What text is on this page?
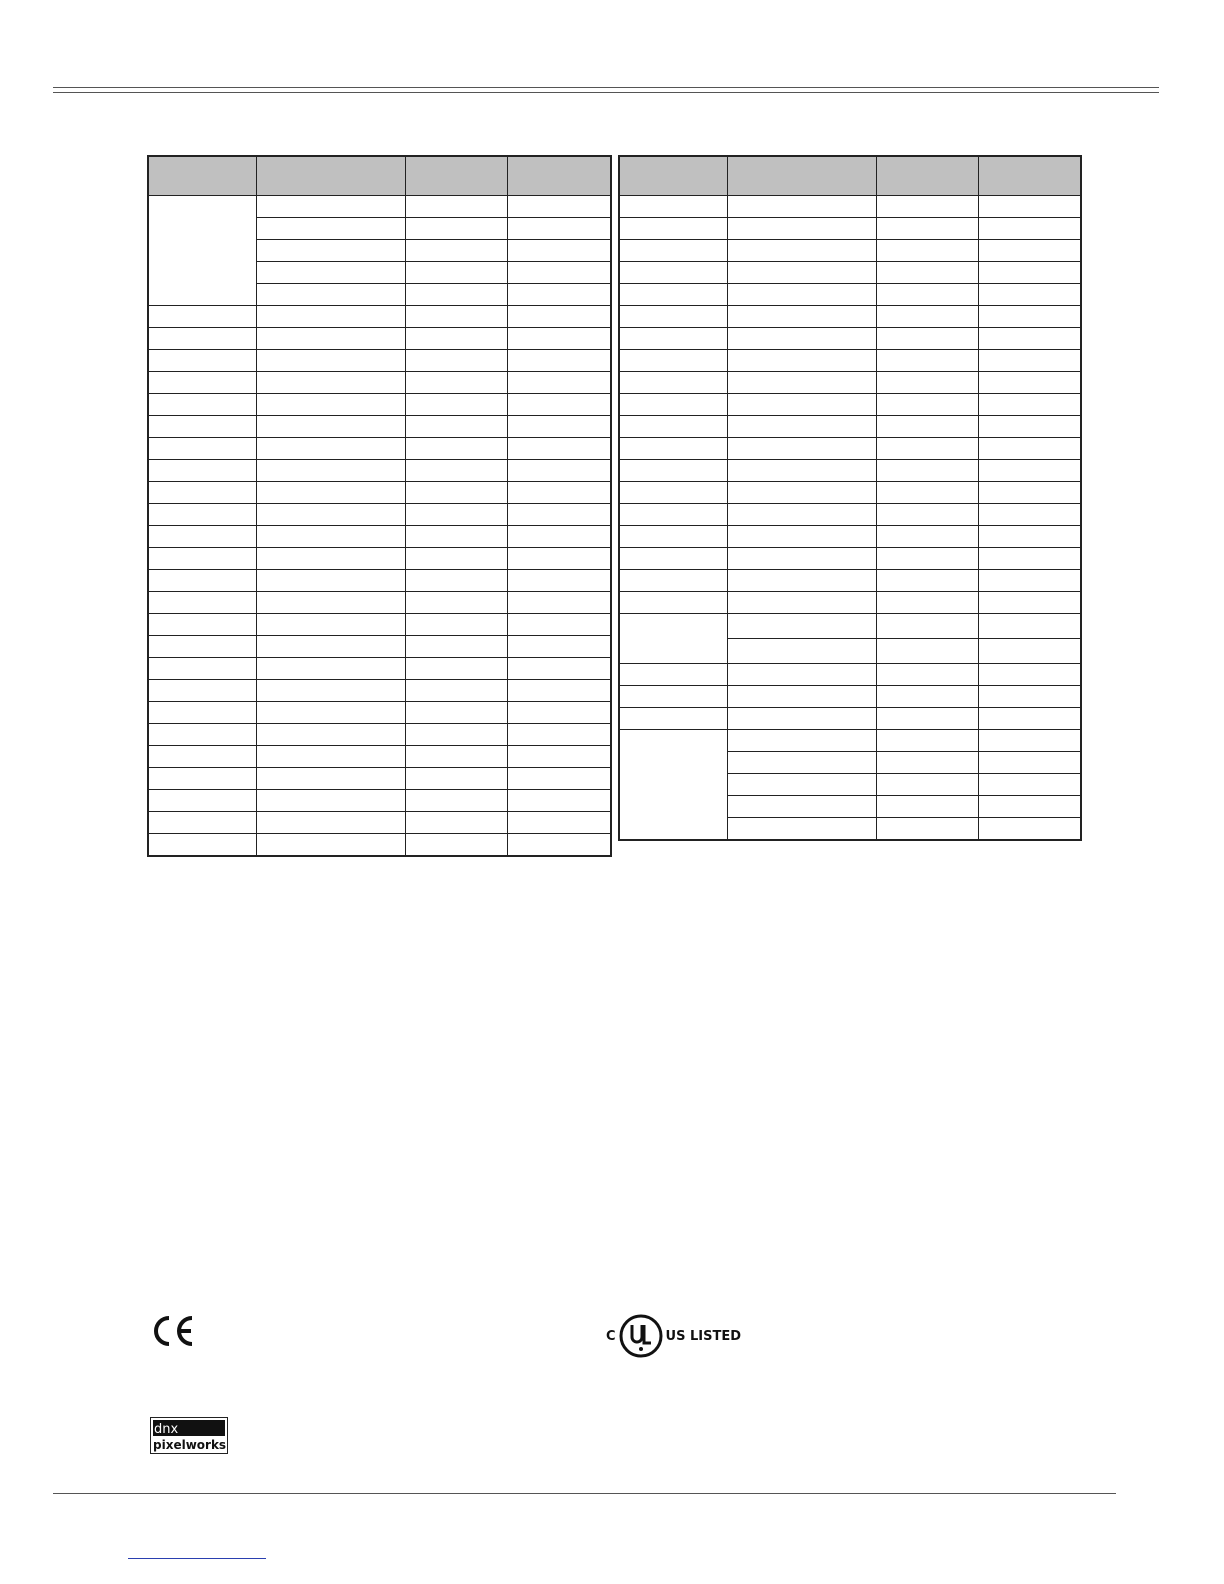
C	US LISTED
dnx
pixelworks
